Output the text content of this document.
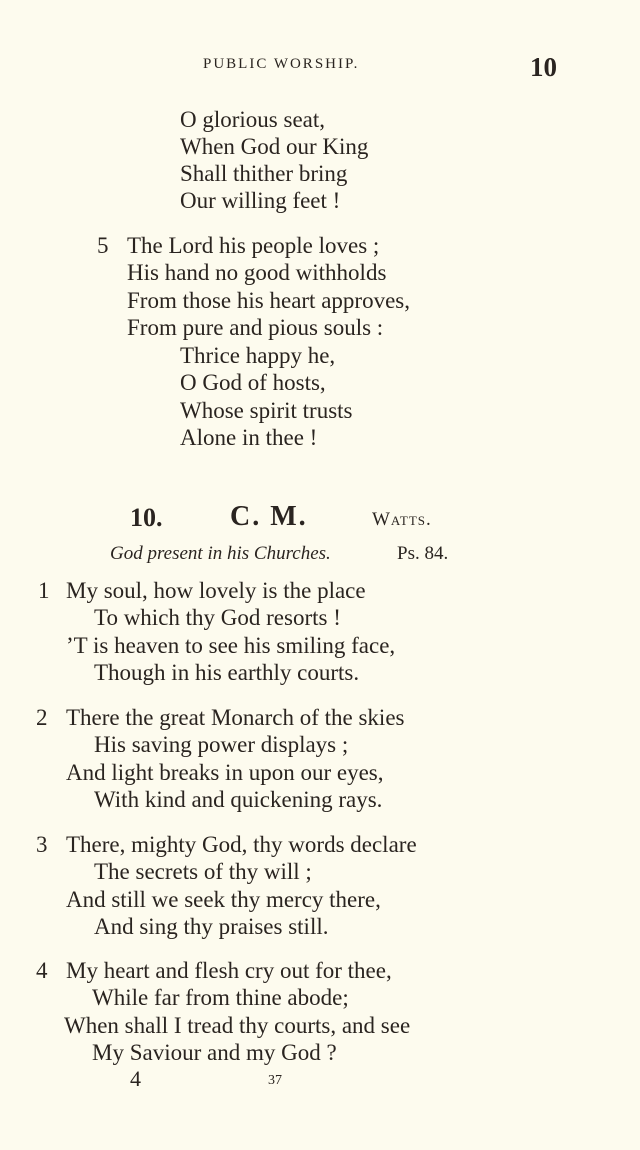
PUBLIC WORSHIP.	10
O glorious seat,
When God our King
Shall thither bring
Our willing feet !
5 The Lord his people loves ;
His hand no good withholds
From those his heart approves,
From pure and pious souls :
Thrice happy he,
O God of hosts,
Whose spirit trusts
Alone in thee !
10. C. M.	Watts.
God present in his Churches.	Ps. 84.
1 My soul, how lovely is the place
To which thy God resorts !
’T is heaven to see his smiling face,
Though in his earthly courts.
2 There the great Monarch of the skies
His saving power displays ;
And light breaks in upon our eyes,
With kind and quickening rays.
3 There, mighty God, thy words declare
The secrets of thy will ;
And still we seek thy mercy there,
And sing thy praises still.
4 My heart and flesh cry out for thee,
While far from thine abode;
When shall I tread thy courts, and see
My Saviour and my God ?
4	37
